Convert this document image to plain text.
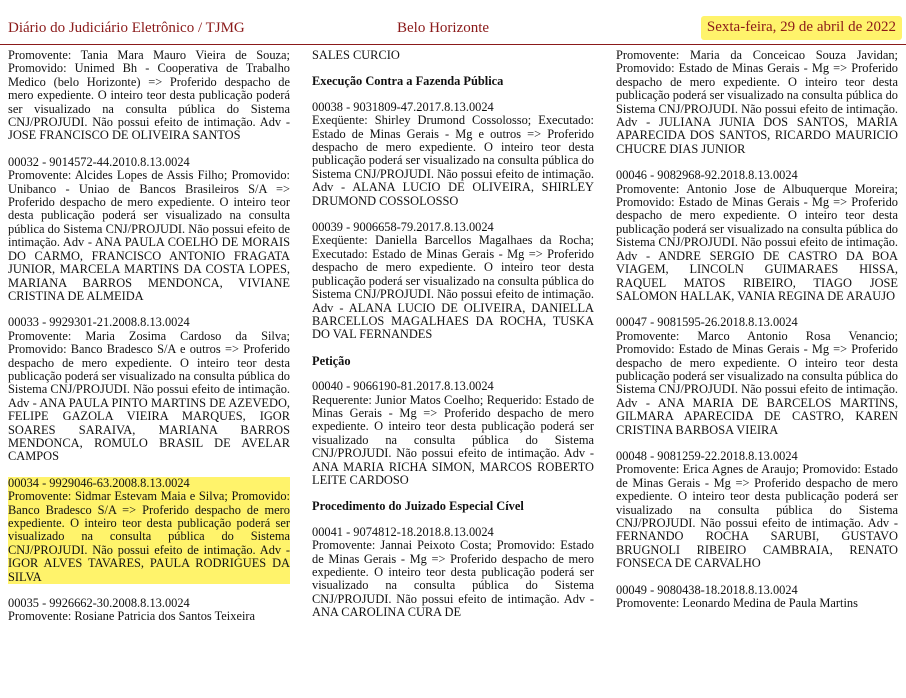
Diário do Judiciário Eletrônico / TJMG	Belo Horizonte	Sexta-feira, 29 de abril de 2022

Promovente: Tania Mara Mauro Vieira de Souza; Promovido: Unimed Bh - Cooperativa de Trabalho Medico (belo Horizonte) => Proferido despacho de mero expediente. O inteiro teor desta publicação poderá ser visualizado na consulta pública do Sistema CNJ/PROJUDI. Não possui efeito de intimação. Adv - JOSE FRANCISCO DE OLIVEIRA SANTOS

00032 - 9014572-44.2010.8.13.0024

Promovente: Alcides Lopes de Assis Filho; Promovido: Unibanco - Uniao de Bancos Brasileiros S/A => Proferido despacho de mero expediente. O inteiro teor desta publicação poderá ser visualizado na consulta pública do Sistema CNJ/PROJUDI. Não possui efeito de intimação. Adv - ANA PAULA COELHO DE MORAIS DO CARMO, FRANCISCO ANTONIO FRAGATA JUNIOR, MARCELA MARTINS DA COSTA LOPES, MARIANA BARROS MENDONCA, VIVIANE CRISTINA DE ALMEIDA

00033 - 9929301-21.2008.8.13.0024

Promovente: Maria Zosima Cardoso da Silva; Promovido: Banco Bradesco S/A e outros => Proferido despacho de mero expediente. O inteiro teor desta publicação poderá ser visualizado na consulta pública do Sistema CNJ/PROJUDI. Não possui efeito de intimação. Adv - ANA PAULA PINTO MARTINS DE AZEVEDO, FELIPE GAZOLA VIEIRA MARQUES, IGOR SOARES SARAIVA, MARIANA BARROS MENDONCA, ROMULO BRASIL DE AVELAR CAMPOS

00034 - 9929046-63.2008.8.13.0024

Promovente: Sidmar Estevam Maia e Silva; Promovido: Banco Bradesco S/A => Proferido despacho de mero expediente. O inteiro teor desta publicação poderá ser visualizado na consulta pública do Sistema CNJ/PROJUDI. Não possui efeito de intimação. Adv - IGOR ALVES TAVARES, PAULA RODRIGUES DA SILVA

00035 - 9926662-30.2008.8.13.0024

Promovente: Rosiane Patricia dos Santos Teixeira

SALES CURCIO

Execução Contra a Fazenda Pública

00038 - 9031809-47.2017.8.13.0024

Exeqüente: Shirley Drumond Cossolosso; Executado: Estado de Minas Gerais - Mg e outros => Proferido despacho de mero expediente. O inteiro teor desta publicação poderá ser visualizado na consulta pública do Sistema CNJ/PROJUDI. Não possui efeito de intimação. Adv - ALANA LUCIO DE OLIVEIRA, SHIRLEY DRUMOND COSSOLOSSO

00039 - 9006658-79.2017.8.13.0024

Exeqüente: Daniella Barcellos Magalhaes da Rocha; Executado: Estado de Minas Gerais - Mg => Proferido despacho de mero expediente. O inteiro teor desta publicação poderá ser visualizado na consulta pública do Sistema CNJ/PROJUDI. Não possui efeito de intimação. Adv - ALANA LUCIO DE OLIVEIRA, DANIELLA BARCELLOS MAGALHAES DA ROCHA, TUSKA DO VAL FERNANDES

Petição

00040 - 9066190-81.2017.8.13.0024

Requerente: Junior Matos Coelho; Requerido: Estado de Minas Gerais - Mg => Proferido despacho de mero expediente. O inteiro teor desta publicação poderá ser visualizado na consulta pública do Sistema CNJ/PROJUDI. Não possui efeito de intimação. Adv - ANA MARIA RICHA SIMON, MARCOS ROBERTO LEITE CARDOSO

Procedimento do Juizado Especial Cível

00041 - 9074812-18.2018.8.13.0024

Promovente: Jannai Peixoto Costa; Promovido: Estado de Minas Gerais - Mg => Proferido despacho de mero expediente. O inteiro teor desta publicação poderá ser visualizado na consulta pública do Sistema CNJ/PROJUDI. Não possui efeito de intimação. Adv - ANA CAROLINA CURA DE

Promovente: Maria da Conceicao Souza Javidan; Promovido: Estado de Minas Gerais - Mg => Proferido despacho de mero expediente. O inteiro teor desta publicação poderá ser visualizado na consulta pública do Sistema CNJ/PROJUDI. Não possui efeito de intimação. Adv - JULIANA JUNIA DOS SANTOS, MARIA APARECIDA DOS SANTOS, RICARDO MAURICIO CHUCRE DIAS JUNIOR

00046 - 9082968-92.2018.8.13.0024

Promovente: Antonio Jose de Albuquerque Moreira; Promovido: Estado de Minas Gerais - Mg => Proferido despacho de mero expediente. O inteiro teor desta publicação poderá ser visualizado na consulta pública do Sistema CNJ/PROJUDI. Não possui efeito de intimação. Adv - ANDRE SERGIO DE CASTRO DA BOA VIAGEM, LINCOLN GUIMARAES HISSA, RAQUEL MATOS RIBEIRO, TIAGO JOSE SALOMON HALLAK, VANIA REGINA DE ARAUJO

00047 - 9081595-26.2018.8.13.0024

Promovente: Marco Antonio Rosa Venancio; Promovido: Estado de Minas Gerais - Mg => Proferido despacho de mero expediente. O inteiro teor desta publicação poderá ser visualizado na consulta pública do Sistema CNJ/PROJUDI. Não possui efeito de intimação. Adv - ANA MARIA DE BARCELOS MARTINS, GILMARA APARECIDA DE CASTRO, KAREN CRISTINA BARBOSA VIEIRA

00048 - 9081259-22.2018.8.13.0024

Promovente: Erica Agnes de Araujo; Promovido: Estado de Minas Gerais - Mg => Proferido despacho de mero expediente. O inteiro teor desta publicação poderá ser visualizado na consulta pública do Sistema CNJ/PROJUDI. Não possui efeito de intimação. Adv - FERNANDO ROCHA SARUBI, GUSTAVO BRUGNOLI RIBEIRO CAMBRAIA, RENATO FONSECA DE CARVALHO

00049 - 9080438-18.2018.8.13.0024

Promovente: Leonardo Medina de Paula Martins
